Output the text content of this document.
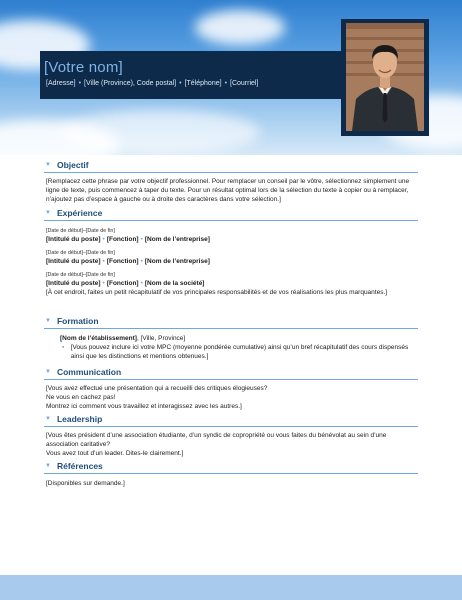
[Votre nom]
[Adresse] • [Ville (Province), Code postal] • [Téléphone] • [Courriel]
▼ Objectif

[Remplacez cette phrase par votre objectif professionnel. Pour remplacer un conseil par le vôtre, sélectionnez simplement une ligne de texte, puis commencez à taper du texte. Pour un résultat optimal lors de la sélection du texte à copier ou à remplacer, n’ajoutez pas d’espace à gauche ou à droite des caractères dans votre sélection.]

▼ Expérience
[Date de début]–[Date de fin]
[Intitulé du poste] • [Fonction] • [Nom de l’entreprise]
[Date de début]–[Date de fin]
[Intitulé du poste] • [Fonction] • [Nom de l’entreprise]
[Date de début]–[Date de fin]
[Intitulé du poste] • [Fonction] • [Nom de la société]

[À cet endroit, faites un petit récapitulatif de vos principales responsabilités et de vos réalisations les plus marquantes.]

▼ Formation
[Nom de l’établissement], [Ville, Province]
▪ [Vous pouvez inclure ici votre MPC (moyenne pondérée cumulative) ainsi qu’un bref récapitulatif des cours dispensés ainsi que les distinctions et mentions obtenues.]
▼ Communication
[Vous avez effectué une présentation qui a recueilli des critiques élogieuses?
Ne vous en cachez pas!
Montrez ici comment vous travaillez et interagissez avec les autres.]
▼ Leadership
[Vous êtes président d’une association étudiante, d’un syndic de copropriété ou vous faites du bénévolat au sein d’une association caritative?
Vous avez tout d’un leader. Dites-le clairement.]
▼ Références

[Disponibles sur demande.]
